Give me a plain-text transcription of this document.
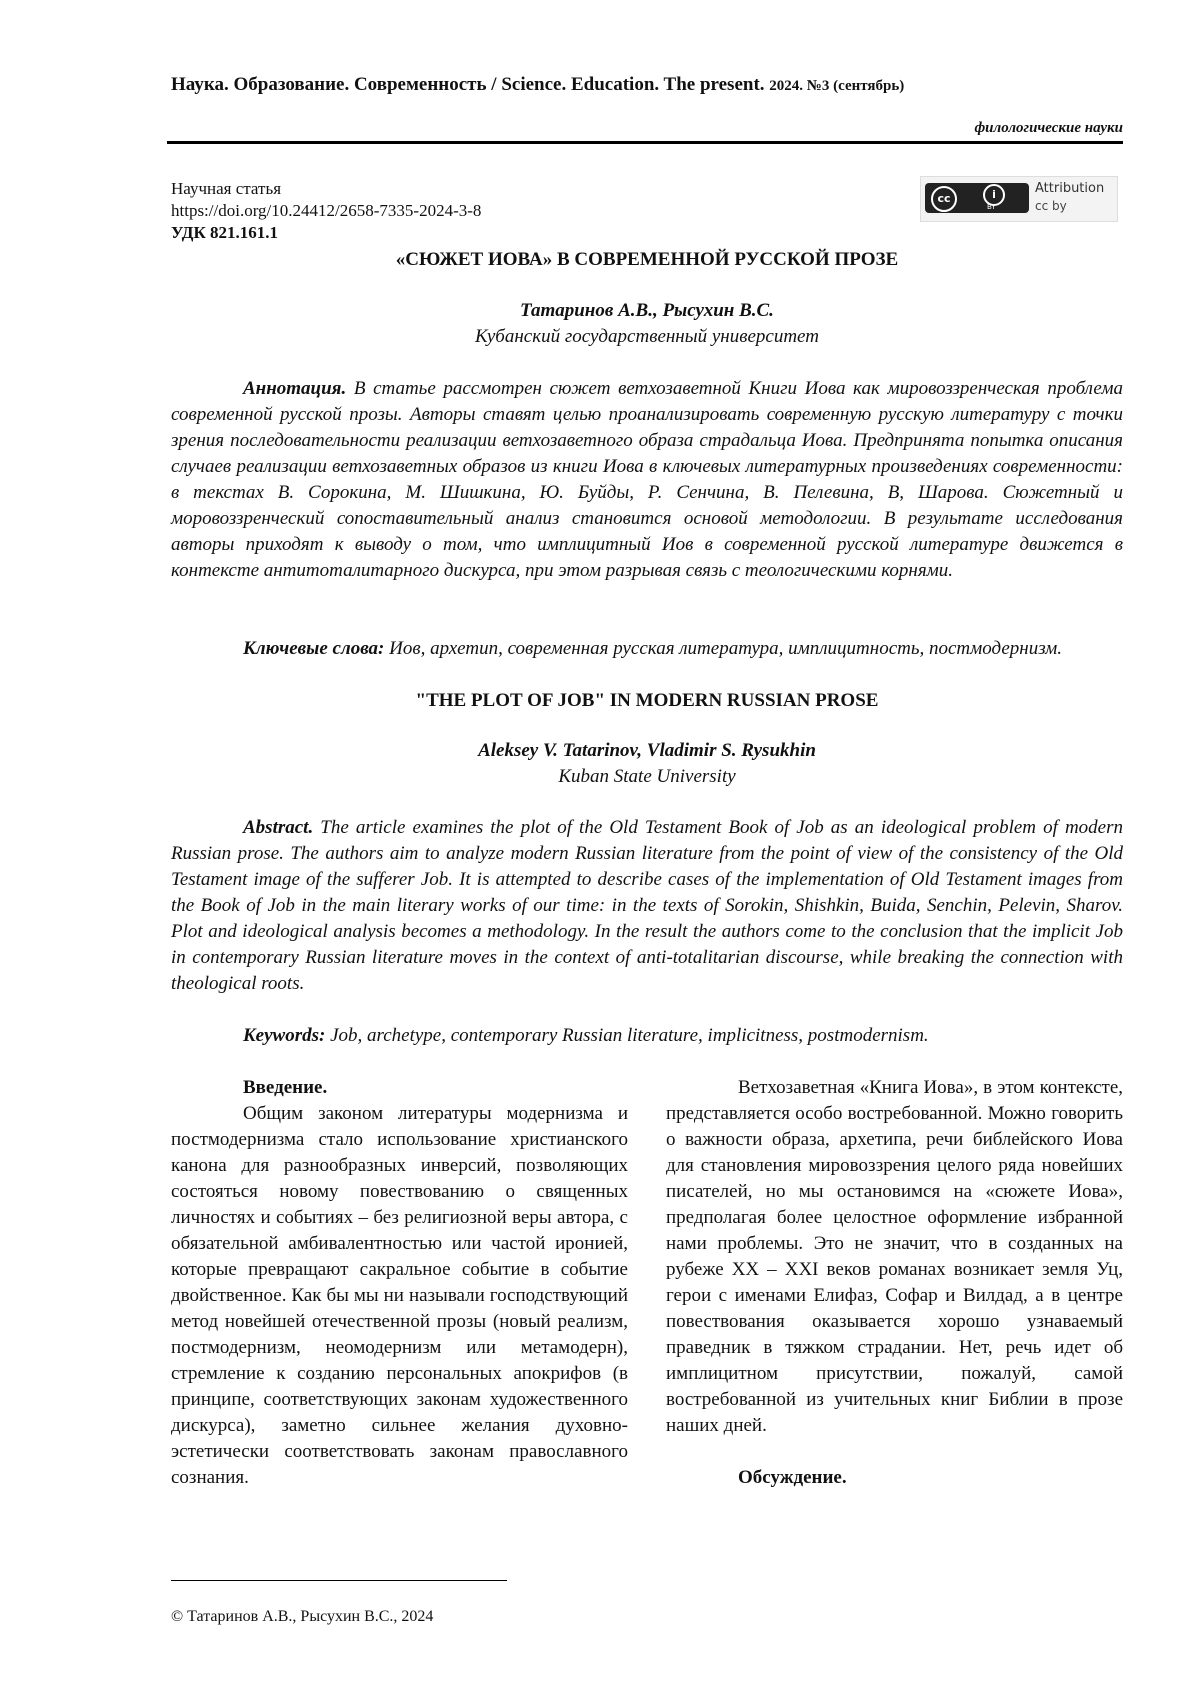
Наука. Образование. Современность / Science. Education. The present. 2024. №3 (сентябрь)
филологические науки
Научная статья
https://doi.org/10.24412/2658-7335-2024-3-8
УДК 821.161.1
cc	i
BY
Attribution
cc by
«СЮЖЕТ ИОВА» В СОВРЕМЕННОЙ РУССКОЙ ПРОЗЕ
Татаринов А.В., Рысухин В.С.
Кубанский государственный университет
Аннотация. В статье рассмотрен сюжет ветхозаветной Книги Иова как мировоззренческая проблема современной русской прозы. Авторы ставят целью проанализировать современную русскую литературу с точки зрения последовательности реализации ветхозаветного образа страдальца Иова. Предпринята попытка описания случаев реализации ветхозаветных образов из книги Иова в ключевых литературных произведениях современности: в текстах В. Сорокина, М. Шишкина, Ю. Буйды, Р. Сенчина, В. Пелевина, В, Шарова. Сюжетный и моровоззренческий сопоставительный анализ становится основой методологии. В результате исследования авторы приходят к выводу о том, что имплицитный Иов в современной русской литературе движется в контексте антитоталитарного дискурса, при этом разрывая связь с теологическими корнями.
Ключевые слова: Иов, архетип, современная русская литература, имплицитность, постмодернизм.
"THE PLOT OF JOB" IN MODERN RUSSIAN PROSE
Aleksey V. Tatarinov, Vladimir S. Rysukhin
Kuban State University
Abstract. The article examines the plot of the Old Testament Book of Job as an ideological problem of modern Russian prose. The authors aim to analyze modern Russian literature from the point of view of the consistency of the Old Testament image of the sufferer Job. It is attempted to describe cases of the implementation of Old Testament images from the Book of Job in the main literary works of our time: in the texts of Sorokin, Shishkin, Buida, Senchin, Pelevin, Sharov. Plot and ideological analysis becomes a methodology. In the result the authors come to the conclusion that the implicit Job in contemporary Russian literature moves in the context of anti-totalitarian discourse, while breaking the connection with theological roots.
Keywords: Job, archetype, contemporary Russian literature, implicitness, postmodernism.
Введение.
Общим законом литературы модернизма и постмодернизма стало использование христианского канона для разнообразных инверсий, позволяющих состояться новому повествованию о священных личностях и событиях – без религиозной веры автора, с обязательной амбивалентностью или частой иронией, которые превращают сакральное событие в событие двойственное. Как бы мы ни называли господствующий метод новейшей отечественной прозы (новый реализм, постмодернизм, неомодернизм или метамодерн), стремление к созданию персональных апокрифов (в принципе, соответствующих законам художественного дискурса), заметно сильнее желания духовно-эстетически соответствовать законам православного сознания.
Ветхозаветная «Книга Иова», в этом контексте, представляется особо востребованной. Можно говорить о важности образа, архетипа, речи библейского Иова для становления мировоззрения целого ряда новейших писателей, но мы остановимся на «сюжете Иова», предполагая более целостное оформление избранной нами проблемы. Это не значит, что в созданных на рубеже XX – XXI веков романах возникает земля Уц, герои с именами Елифаз, Софар и Вилдад, а в центре повествования оказывается хорошо узнаваемый праведник в тяжком страдании. Нет, речь идет об имплицитном присутствии, пожалуй, самой востребованной из учительных книг Библии в прозе наших дней.
Обсуждение.
© Татаринов А.В., Рысухин В.С., 2024
